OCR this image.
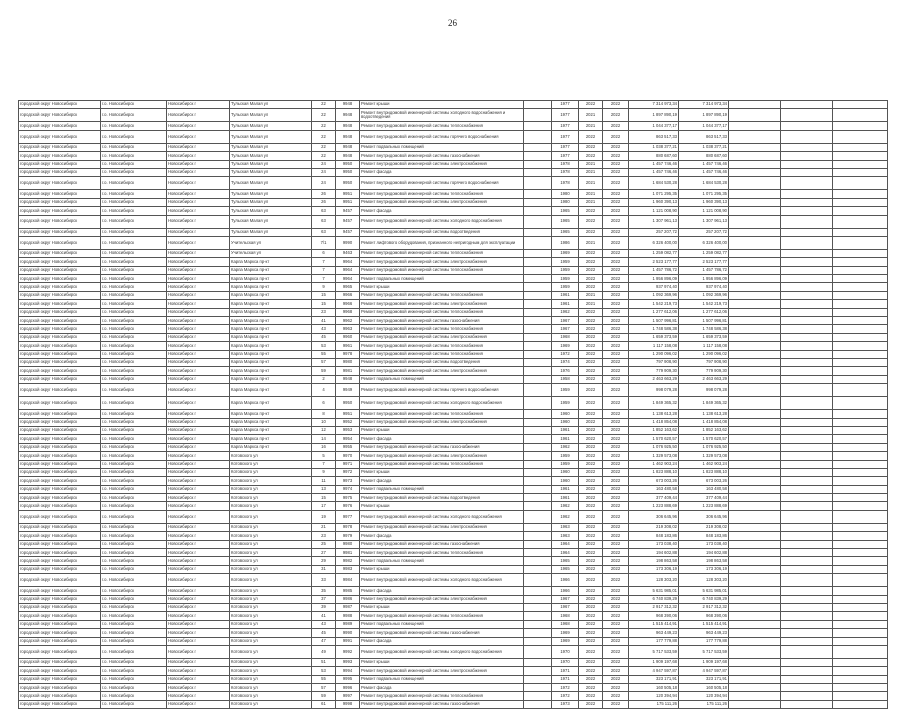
26
городской округ Новосибирск	г.о. Новосибирск	Новосибирск г	Тульская Малая ул	22	9948	Ремонт крыши		1977	2022	2022	7 314 973,34	7 314 973,34			
городской округ Новосибирск	г.о. Новосибирск	Новосибирск г	Тульская Малая ул	22	9948	Ремонт внутридомовой инженерной системы холодного водоснабжения и водоотведения		1977	2021	2022	1 897 890,19	1 897 890,19			
городской округ Новосибирск	г.о. Новосибирск	Новосибирск г	Тульская Малая ул	22	9948	Ремонт внутридомовой инженерной системы теплоснабжения		1977	2021	2022	1 044 377,17	1 044 377,17			
городской округ Новосибирск	г.о. Новосибирск	Новосибирск г	Тульская Малая ул	22	9948	Ремонт внутридомовой инженерной системы горячего водоснабжения		1977	2022	2022	863 517,33	863 517,33			
городской округ Новосибирск	г.о. Новосибирск	Новосибирск г	Тульская Малая ул	22	9948	Ремонт подвальных помещений		1977	2022	2022	1 038 377,21	1 038 377,21			
городской округ Новосибирск	г.о. Новосибирск	Новосибирск г	Тульская Малая ул	22	9948	Ремонт внутридомовой инженерной системы газоснабжения		1977	2022	2022	880 687,60	880 687,60			
городской округ Новосибирск	г.о. Новосибирск	Новосибирск г	Тульская Малая ул	24	9950	Ремонт внутридомовой инженерной системы электроснабжения		1978	2021	2022	1 457 746,46	1 457 746,46			
городской округ Новосибирск	г.о. Новосибирск	Новосибирск г	Тульская Малая ул	24	9950	Ремонт фасада		1978	2021	2022	1 457 746,46	1 457 746,46			
городской округ Новосибирск	г.о. Новосибирск	Новосибирск г	Тульская Малая ул	24	9950	Ремонт внутридомовой инженерной системы горячего водоснабжения		1978	2021	2022	1 684 530,28	1 684 530,28			
городской округ Новосибирск	г.о. Новосибирск	Новосибирск г	Тульская Малая ул	26	9951	Ремонт внутридомовой инженерной системы теплоснабжения		1980	2021	2022	1 071 295,35	1 071 295,35			
городской округ Новосибирск	г.о. Новосибирск	Новосибирск г	Тульская Малая ул	26	9951	Ремонт внутридомовой инженерной системы электроснабжения		1980	2021	2022	1 960 390,13	1 960 390,13			
городской округ Новосибирск	г.о. Новосибирск	Новосибирск г	Тульская Малая ул	63	9457	Ремонт фасада		1965	2022	2022	1 121 008,90	1 121 008,90			
городской округ Новосибирск	г.о. Новосибирск	Новосибирск г	Тульская Малая ул	63	9457	Ремонт внутридомовой инженерной системы холодного водоснабжения		1965	2022	2022	1 307 961,13	1 307 961,13			
городской округ Новосибирск	г.о. Новосибирск	Новосибирск г	Тульская Малая ул	63	9457	Ремонт внутридомовой инженерной системы водоотведения		1965	2022	2022	257 207,72	257 207,72			
городской округ Новосибирск	г.о. Новосибирск	Новосибирск г	Учительская ул	7/1	9990	Ремонт лифтового оборудования, признанного непригодным для эксплуатации		1986	2021	2022	6 326 400,00	6 326 400,00			
городской округ Новосибирск	г.о. Новосибирск	Новосибирск г	Учительская ул	6	9463	Ремонт внутридомовой инженерной системы теплоснабжения		1969	2022	2022	1 259 082,77	1 259 082,77			
городской округ Новосибирск	г.о. Новосибирск	Новосибирск г	Карла Маркса пр-кт	7	9964	Ремонт внутридомовой инженерной системы электроснабжения		1959	2022	2022	2 523 177,77	2 523 177,77			
городской округ Новосибирск	г.о. Новосибирск	Новосибирск г	Карла Маркса пр-кт	7	9964	Ремонт внутридомовой инженерной системы теплоснабжения		1959	2022	2022	1 457 786,72	1 457 786,72			
городской округ Новосибирск	г.о. Новосибирск	Новосибирск г	Карла Маркса пр-кт	7	9964	Ремонт подвальных помещений		1959	2022	2022	1 956 896,09	1 956 896,09			
городской округ Новосибирск	г.о. Новосибирск	Новосибирск г	Карла Маркса пр-кт	9	9965	Ремонт крыши		1959	2022	2022	937 974,40	937 974,40			
городской округ Новосибирск	г.о. Новосибирск	Новосибирск г	Карла Маркса пр-кт	15	9966	Ремонт внутридомовой инженерной системы теплоснабжения		1961	2021	2022	1 092 369,96	1 092 369,96			
городской округ Новосибирск	г.о. Новосибирск	Новосибирск г	Карла Маркса пр-кт	15	9966	Ремонт внутридомовой инженерной системы электроснабжения		1961	2021	2022	1 542 219,73	1 542 219,73			
городской округ Новосибирск	г.о. Новосибирск	Новосибирск г	Карла Маркса пр-кт	23	9968	Ремонт внутридомовой инженерной системы теплоснабжения		1962	2022	2022	1 277 612,06	1 277 612,06			
городской округ Новосибирск	г.о. Новосибирск	Новосибирск г	Карла Маркса пр-кт	41	9962	Ремонт внутридомовой инженерной системы газоснабжения		1967	2022	2022	1 507 996,81	1 507 996,81			
городской округ Новосибирск	г.о. Новосибирск	Новосибирск г	Карла Маркса пр-кт	43	9963	Ремонт внутридомовой инженерной системы теплоснабжения		1967	2022	2022	1 748 586,38	1 748 586,38			
городской округ Новосибирск	г.о. Новосибирск	Новосибирск г	Карла Маркса пр-кт	45	9960	Ремонт внутридомовой инженерной системы электроснабжения		1968	2022	2022	1 659 373,59	1 659 373,59			
городской округ Новосибирск	г.о. Новосибирск	Новосибирск г	Карла Маркса пр-кт	53	9961	Ремонт внутридомовой инженерной системы теплоснабжения		1969	2022	2022	1 117 158,08	1 117 158,08			
городской округ Новосибирск	г.о. Новосибирск	Новосибирск г	Карла Маркса пр-кт	55	9978	Ремонт внутридомовой инженерной системы теплоснабжения		1972	2022	2022	1 290 096,02	1 290 096,02			
городской округ Новосибирск	г.о. Новосибирск	Новосибирск г	Карла Маркса пр-кт	57	9980	Ремонт внутридомовой инженерной системы водоотведения		1974	2022	2022	797 908,90	797 908,90			
городской округ Новосибирск	г.о. Новосибирск	Новосибирск г	Карла Маркса пр-кт	59	9981	Ремонт внутридомовой инженерной системы электроснабжения		1976	2022	2022	779 909,30	779 909,30			
городской округ Новосибирск	г.о. Новосибирск	Новосибирск г	Карла Маркса пр-кт	2	9948	Ремонт подвальных помещений		1958	2022	2022	2 463 663,29	2 463 663,29			
городской округ Новосибирск	г.о. Новосибирск	Новосибирск г	Карла Маркса пр-кт	4	9949	Ремонт внутридомовой инженерной системы горячего водоснабжения		1959	2022	2022	998 079,28	998 079,28			
городской округ Новосибирск	г.о. Новосибирск	Новосибирск г	Карла Маркса пр-кт	6	9950	Ремонт внутридомовой инженерной системы холодного водоснабжения		1959	2022	2022	1 849 365,32	1 849 365,32			
городской округ Новосибирск	г.о. Новосибирск	Новосибирск г	Карла Маркса пр-кт	8	9951	Ремонт внутридомовой инженерной системы теплоснабжения		1960	2022	2022	1 138 613,28	1 138 613,28			
городской округ Новосибирск	г.о. Новосибирск	Новосибирск г	Карла Маркса пр-кт	10	9952	Ремонт внутридомовой инженерной системы электроснабжения		1960	2022	2022	1 418 854,08	1 418 854,08			
городской округ Новосибирск	г.о. Новосибирск	Новосибирск г	Карла Маркса пр-кт	12	9953	Ремонт крыши		1961	2022	2022	1 852 163,62	1 852 163,62			
городской округ Новосибирск	г.о. Новосибирск	Новосибирск г	Карла Маркса пр-кт	14	9954	Ремонт фасада		1961	2022	2022	1 570 620,57	1 570 620,57			
городской округ Новосибирск	г.о. Новосибирск	Новосибирск г	Карла Маркса пр-кт	16	9955	Ремонт внутридомовой инженерной системы газоснабжения		1962	2022	2022	1 076 925,50	1 076 925,50			
городской округ Новосибирск	г.о. Новосибирск	Новосибирск г	Котовского ул	5	9970	Ремонт внутридомовой инженерной системы электроснабжения		1959	2022	2022	1 329 573,08	1 329 573,08			
городской округ Новосибирск	г.о. Новосибирск	Новосибирск г	Котовского ул	7	9971	Ремонт внутридомовой инженерной системы теплоснабжения		1959	2022	2022	1 462 903,24	1 462 903,24			
городской округ Новосибирск	г.о. Новосибирск	Новосибирск г	Котовского ул	9	9972	Ремонт крыши		1960	2022	2022	1 823 888,10	1 823 888,10			
городской округ Новосибирск	г.о. Новосибирск	Новосибирск г	Котовского ул	11	9973	Ремонт фасада		1960	2022	2022	673 003,26	673 003,26			
городской округ Новосибирск	г.о. Новосибирск	Новосибирск г	Котовского ул	13	9974	Ремонт подвальных помещений		1961	2022	2022	163 480,58	163 480,58			
городской округ Новосибирск	г.о. Новосибирск	Новосибирск г	Котовского ул	15	9975	Ремонт внутридомовой инженерной системы водоотведения		1961	2022	2022	377 409,44	377 409,44			
городской округ Новосибирск	г.о. Новосибирск	Новосибирск г	Котовского ул	17	9976	Ремонт крыши		1962	2022	2022	1 223 888,69	1 223 888,69			
городской округ Новосибирск	г.о. Новосибирск	Новосибирск г	Котовского ул	19	9977	Ремонт внутридомовой инженерной системы холодного водоснабжения		1962	2022	2022	306 645,96	306 645,96			
городской округ Новосибирск	г.о. Новосибирск	Новосибирск г	Котовского ул	21	9978	Ремонт внутридомовой инженерной системы электроснабжения		1963	2022	2022	219 308,02	219 308,02			
городской округ Новосибирск	г.о. Новосибирск	Новосибирск г	Котовского ул	23	9979	Ремонт фасада		1963	2022	2022	848 183,86	848 183,86			
городской округ Новосибирск	г.о. Новосибирск	Новосибирск г	Котовского ул	25	9980	Ремонт внутридомовой инженерной системы газоснабжения		1964	2022	2022	173 038,40	173 038,40			
городской округ Новосибирск	г.о. Новосибирск	Новосибирск г	Котовского ул	27	9981	Ремонт внутридомовой инженерной системы теплоснабжения		1964	2022	2022	194 602,88	194 602,88			
городской округ Новосибирск	г.о. Новосибирск	Новосибирск г	Котовского ул	29	9982	Ремонт подвальных помещений		1965	2022	2022	198 863,58	198 863,58			
городской округ Новосибирск	г.о. Новосибирск	Новосибирск г	Котовского ул	31	9983	Ремонт крыши		1965	2022	2022	173 306,19	173 306,19			
городской округ Новосибирск	г.о. Новосибирск	Новосибирск г	Котовского ул	33	9984	Ремонт внутридомовой инженерной системы холодного водоснабжения		1966	2022	2022	128 303,20	128 303,20			
городской округ Новосибирск	г.о. Новосибирск	Новосибирск г	Котовского ул	35	9985	Ремонт фасада		1966	2022	2022	5 631 985,01	5 631 985,01			
городской округ Новосибирск	г.о. Новосибирск	Новосибирск г	Котовского ул	37	9986	Ремонт внутридомовой инженерной системы электроснабжения		1967	2022	2022	6 740 839,29	6 740 839,29			
городской округ Новосибирск	г.о. Новосибирск	Новосибирск г	Котовского ул	39	9987	Ремонт крыши		1967	2022	2022	2 917 312,32	2 917 312,32			
городской округ Новосибирск	г.о. Новосибирск	Новосибирск г	Котовского ул	41	9988	Ремонт внутридомовой инженерной системы теплоснабжения		1968	2022	2022	968 390,06	968 390,06			
городской округ Новосибирск	г.о. Новосибирск	Новосибирск г	Котовского ул	43	9989	Ремонт подвальных помещений		1968	2022	2022	1 515 414,91	1 515 414,91			
городской округ Новосибирск	г.о. Новосибирск	Новосибирск г	Котовского ул	45	9990	Ремонт внутридомовой инженерной системы газоснабжения		1969	2022	2022	963 449,23	963 449,23			
городской округ Новосибирск	г.о. Новосибирск	Новосибирск г	Котовского ул	47	9991	Ремонт фасада		1969	2022	2022	177 779,88	177 779,88			
городской округ Новосибирск	г.о. Новосибирск	Новосибирск г	Котовского ул	49	9992	Ремонт внутридомовой инженерной системы холодного водоснабжения		1970	2022	2022	5 717 533,59	5 717 533,59			
городской округ Новосибирск	г.о. Новосибирск	Новосибирск г	Котовского ул	51	9993	Ремонт крыши		1970	2022	2022	1 909 197,68	1 909 197,68			
городской округ Новосибирск	г.о. Новосибирск	Новосибирск г	Котовского ул	53	9994	Ремонт внутридомовой инженерной системы электроснабжения		1971	2022	2022	4 947 597,87	4 947 597,87			
городской округ Новосибирск	г.о. Новосибирск	Новосибирск г	Котовского ул	55	9995	Ремонт подвальных помещений		1971	2022	2022	323 171,91	323 171,91			
городской округ Новосибирск	г.о. Новосибирск	Новосибирск г	Котовского ул	57	9996	Ремонт фасада		1972	2022	2022	160 505,18	160 505,18			
городской округ Новосибирск	г.о. Новосибирск	Новосибирск г	Котовского ул	59	9997	Ремонт внутридомовой инженерной системы теплоснабжения		1972	2022	2022	120 394,94	120 394,94			
городской округ Новосибирск	г.о. Новосибирск	Новосибирск г	Котовского ул	61	9998	Ремонт внутридомовой инженерной системы газоснабжения		1973	2022	2022	175 111,26	175 111,26			
